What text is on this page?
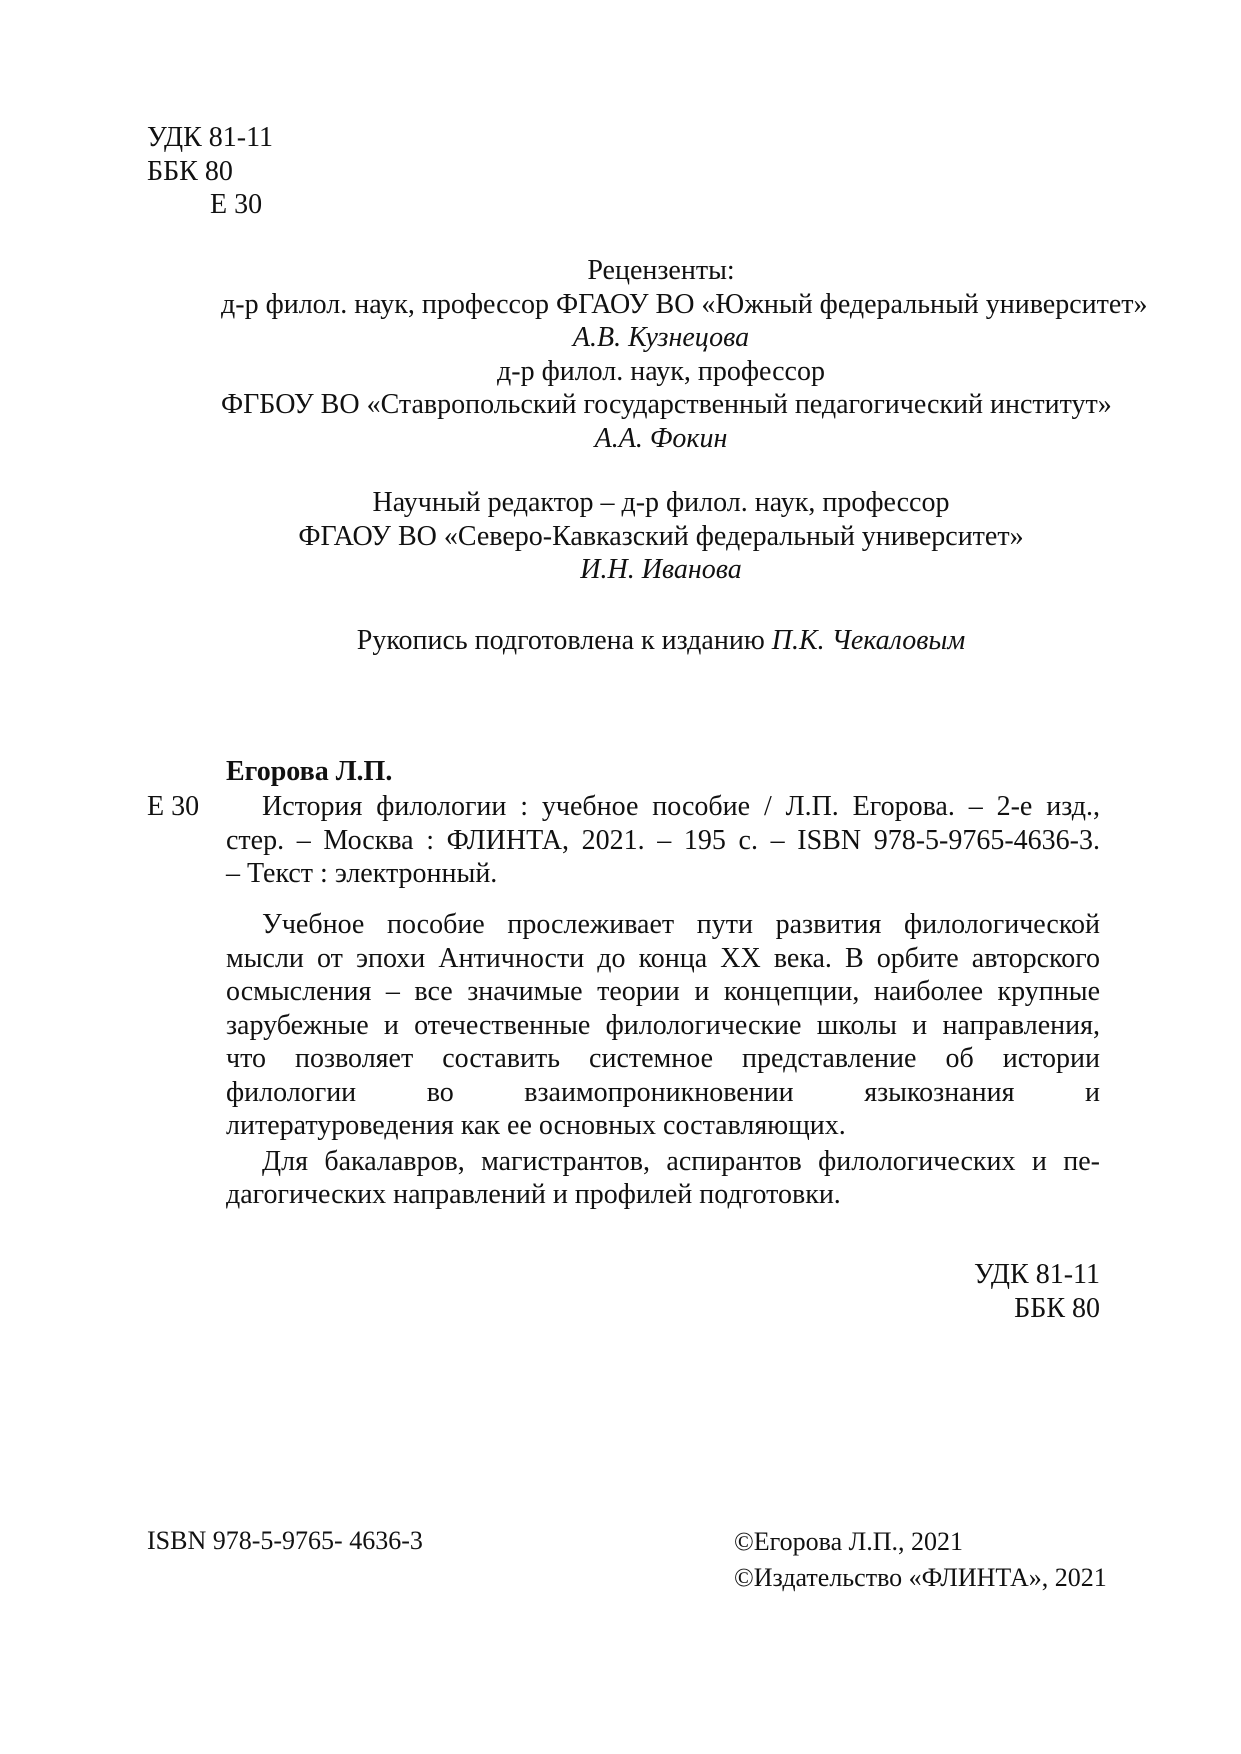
УДК 81-11
ББК 80
Е 30
Рецензенты:
д-р филол. наук, профессор ФГАОУ ВО «Южный федеральный университет»
А.В. Кузнецова
д-р филол. наук, профессор
ФГБОУ ВО «Ставропольский государственный педагогический институт»
А.А. Фокин
Научный редактор – д-р филол. наук, профессор
ФГАОУ ВО «Северо-Кавказский федеральный университет»
И.Н. Иванова
Рукопись подготовлена к изданию П.К. Чекаловым
Егорова Л.П.
Е 30	История филологии : учебное пособие / Л.П. Егорова. – 2-е изд.,
стер. – Москва : ФЛИНТА, 2021. – 195 с. – ISBN 978-5-9765-4636-3.
– Текст : электронный.
Учебное пособие прослеживает пути развития филологической
мысли от эпохи Античности до конца XX века. В орбите авторского
осмысления – все значимые теории и концепции, наиболее крупные
зарубежные и отечественные филологические школы и направления,
что позволяет составить системное представление об истории
филологии во взаимопроникновении языкознания и
литературоведения как ее основных составляющих.
Для бакалавров, магистрантов, аспирантов филологических и пе-
дагогических направлений и профилей подготовки.
УДК 81-11
ББК 80
ISBN 978-5-9765- 4636-3	©Егорова Л.П., 2021
©Издательство «ФЛИНТА», 2021
